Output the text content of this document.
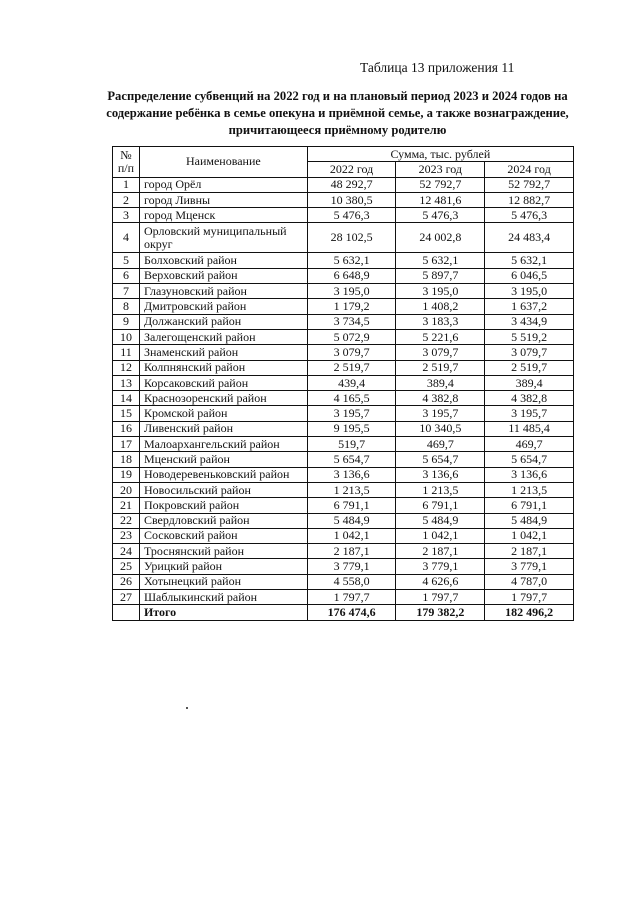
Таблица 13 приложения 11
Распределение субвенций на 2022 год и на плановый период 2023 и 2024 годов на содержание ребёнка в семье опекуна и приёмной семье, а также вознаграждение, причитающееся приёмному родителю
№ п/п	Наименование	Сумма, тыс. рублей		
		2022 год	2023 год	2024 год
1	город Орёл	48 292,7	52 792,7	52 792,7
2	город Ливны	10 380,5	12 481,6	12 882,7
3	город Мценск	5 476,3	5 476,3	5 476,3
4	Орловский муниципальный округ	28 102,5	24 002,8	24 483,4
5	Болховский район	5 632,1	5 632,1	5 632,1
6	Верховский район	6 648,9	5 897,7	6 046,5
7	Глазуновский район	3 195,0	3 195,0	3 195,0
8	Дмитровский район	1 179,2	1 408,2	1 637,2
9	Должанский район	3 734,5	3 183,3	3 434,9
10	Залегощенский район	5 072,9	5 221,6	5 519,2
11	Знаменский район	3 079,7	3 079,7	3 079,7
12	Колпнянский район	2 519,7	2 519,7	2 519,7
13	Корсаковский район	439,4	389,4	389,4
14	Краснозоренский район	4 165,5	4 382,8	4 382,8
15	Кромской район	3 195,7	3 195,7	3 195,7
16	Ливенский район	9 195,5	10 340,5	11 485,4
17	Малоархангельский район	519,7	469,7	469,7
18	Мценский район	5 654,7	5 654,7	5 654,7
19	Новодеревеньковский район	3 136,6	3 136,6	3 136,6
20	Новосильский район	1 213,5	1 213,5	1 213,5
21	Покровский район	6 791,1	6 791,1	6 791,1
22	Свердловский район	5 484,9	5 484,9	5 484,9
23	Сосковский район	1 042,1	1 042,1	1 042,1
24	Троснянский район	2 187,1	2 187,1	2 187,1
25	Урицкий район	3 779,1	3 779,1	3 779,1
26	Хотынецкий район	4 558,0	4 626,6	4 787,0
27	Шаблыкинский район	1 797,7	1 797,7	1 797,7
	Итого	176 474,6	179 382,2	182 496,2
